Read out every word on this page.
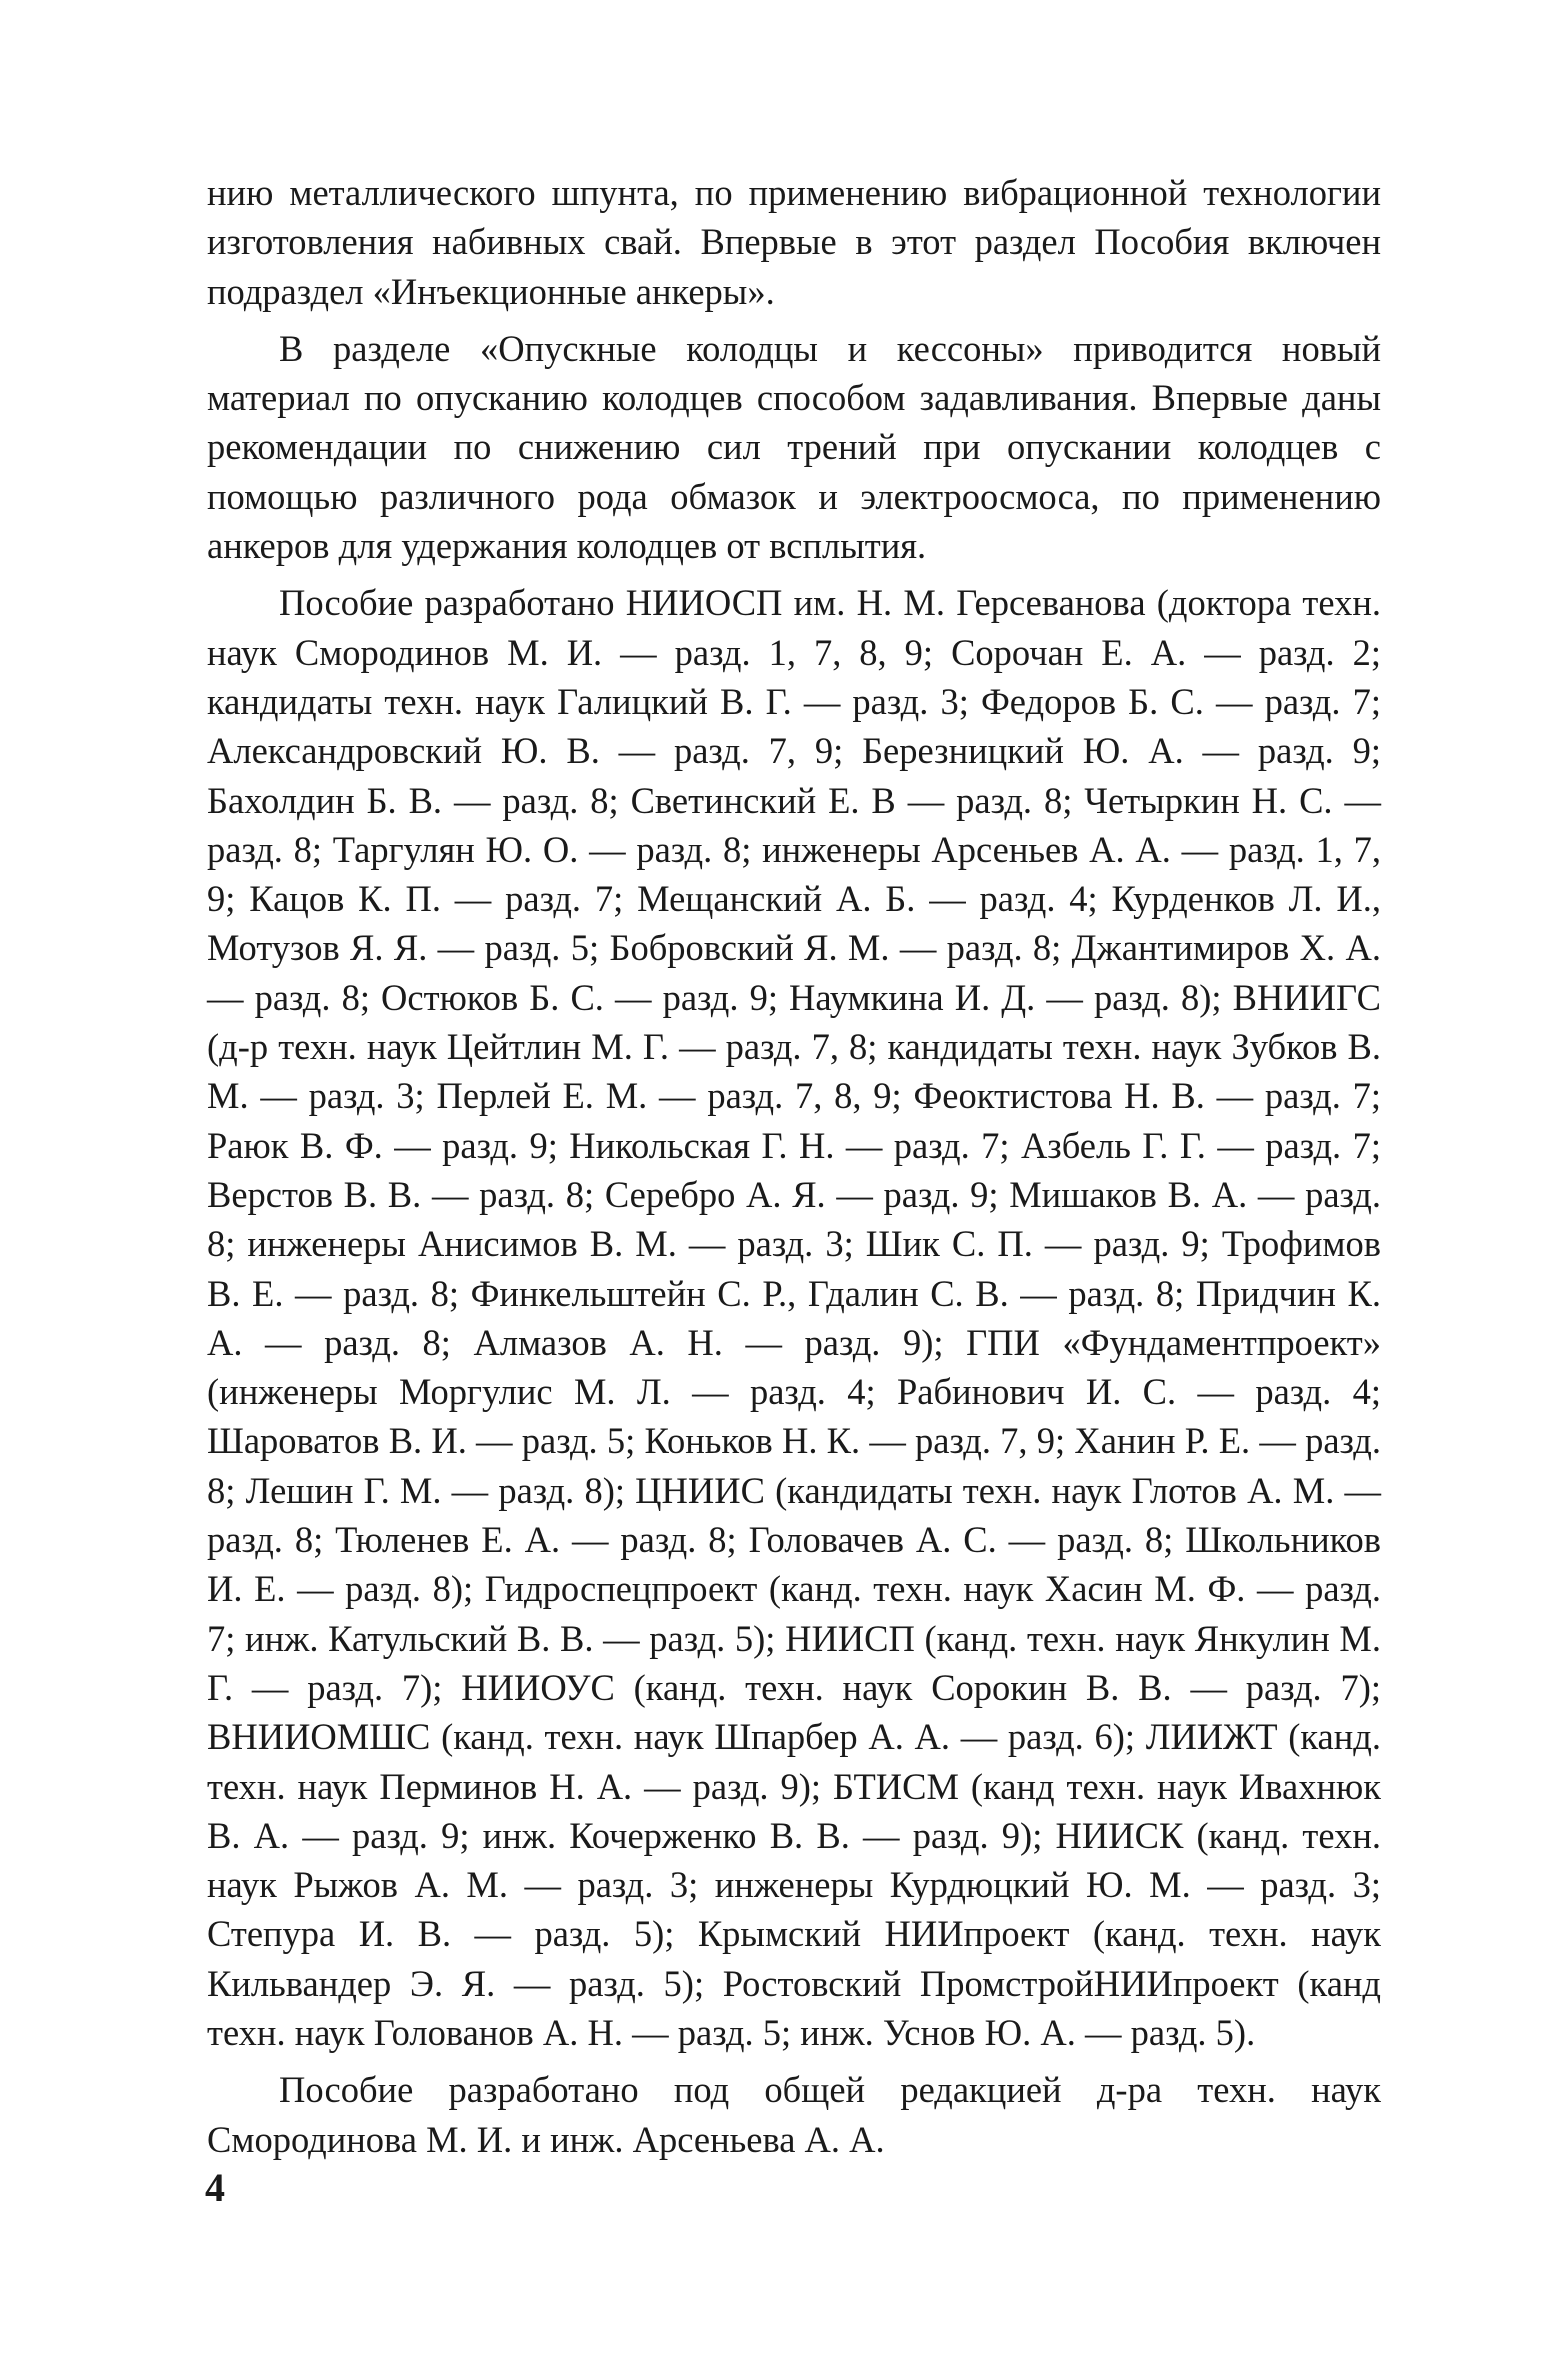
нию металлического шпунта, по применению вибрационной технологии изготовления набивных свай. Впервые в этот раздел Пособия включен подраздел «Инъекционные анкеры».

В разделе «Опускные колодцы и кессоны» приводится новый материал по опусканию колодцев способом задавливания. Впервые даны рекомендации по снижению сил трений при опускании колодцев с помощью различного рода обмазок и электроосмоса, по применению анкеров для удержания колодцев от всплытия.

Пособие разработано НИИОСП им. Н. М. Герсеванова (доктора техн. наук Смородинов М. И. — разд. 1, 7, 8, 9; Сорочан Е. А. — разд. 2; кандидаты техн. наук Галицкий В. Г. — разд. 3; Федоров Б. С. — разд. 7; Александровский Ю. В. — разд. 7, 9; Березницкий Ю. А. — разд. 9; Бахолдин Б. В. — разд. 8; Светинский Е. В — разд. 8; Четыркин Н. С. — разд. 8; Таргулян Ю. О. — разд. 8; инженеры Арсеньев А. А. — разд. 1, 7, 9; Кацов К. П. — разд. 7; Мещанский А. Б. — разд. 4; Курденков Л. И., Мотузов Я. Я. — разд. 5; Бобровский Я. М. — разд. 8; Джантимиров Х. А. — разд. 8; Остюков Б. С. — разд. 9; Наумкина И. Д. — разд. 8); ВНИИГС (д-р техн. наук Цейтлин М. Г. — разд. 7, 8; кандидаты техн. наук Зубков В. М. — разд. 3; Перлей Е. М. — разд. 7, 8, 9; Феоктистова Н. В. — разд. 7; Раюк В. Ф. — разд. 9; Никольская Г. Н. — разд. 7; Азбель Г. Г. — разд. 7; Верстов В. В. — разд. 8; Серебро А. Я. — разд. 9; Мишаков В. А. — разд. 8; инженеры Анисимов В. М. — разд. 3; Шик С. П. — разд. 9; Трофимов В. Е. — разд. 8; Финкельштейн С. Р., Гдалин С. В. — разд. 8; Придчин К. А. — разд. 8; Алмазов А. Н. — разд. 9); ГПИ «Фундаментпроект» (инженеры Моргулис М. Л. — разд. 4; Рабинович И. С. — разд. 4; Шароватов В. И. — разд. 5; Коньков Н. К. — разд. 7, 9; Ханин Р. Е. — разд. 8; Лешин Г. М. — разд. 8); ЦНИИС (кандидаты техн. наук Глотов А. М. — разд. 8; Тюленев Е. А. — разд. 8; Головачев А. С. — разд. 8; Школьников И. Е. — разд. 8); Гидроспецпроект (канд. техн. наук Хасин М. Ф. — разд. 7; инж. Катульский В. В. — разд. 5); НИИСП (канд. техн. наук Янкулин М. Г. — разд. 7); НИИОУС (канд. техн. наук Сорокин В. В. — разд. 7); ВНИИОМШС (канд. техн. наук Шпарбер А. А. — разд. 6); ЛИИЖТ (канд. техн. наук Перминов Н. А. — разд. 9); БТИСМ (канд техн. наук Ивахнюк В. А. — разд. 9; инж. Кочерженко В. В. — разд. 9); НИИСК (канд. техн. наук Рыжов А. М. — разд. 3; инженеры Курдюцкий Ю. М. — разд. 3; Степура И. В. — разд. 5); Крымский НИИпроект (канд. техн. наук Кильвандер Э. Я. — разд. 5); Ростовский ПромстройНИИпроект (канд техн. наук Голованов А. Н. — разд. 5; инж. Уснов Ю. А. — разд. 5).

Пособие разработано под общей редакцией д-ра техн. наук Смородинова М. И. и инж. Арсеньева А. А.

4
